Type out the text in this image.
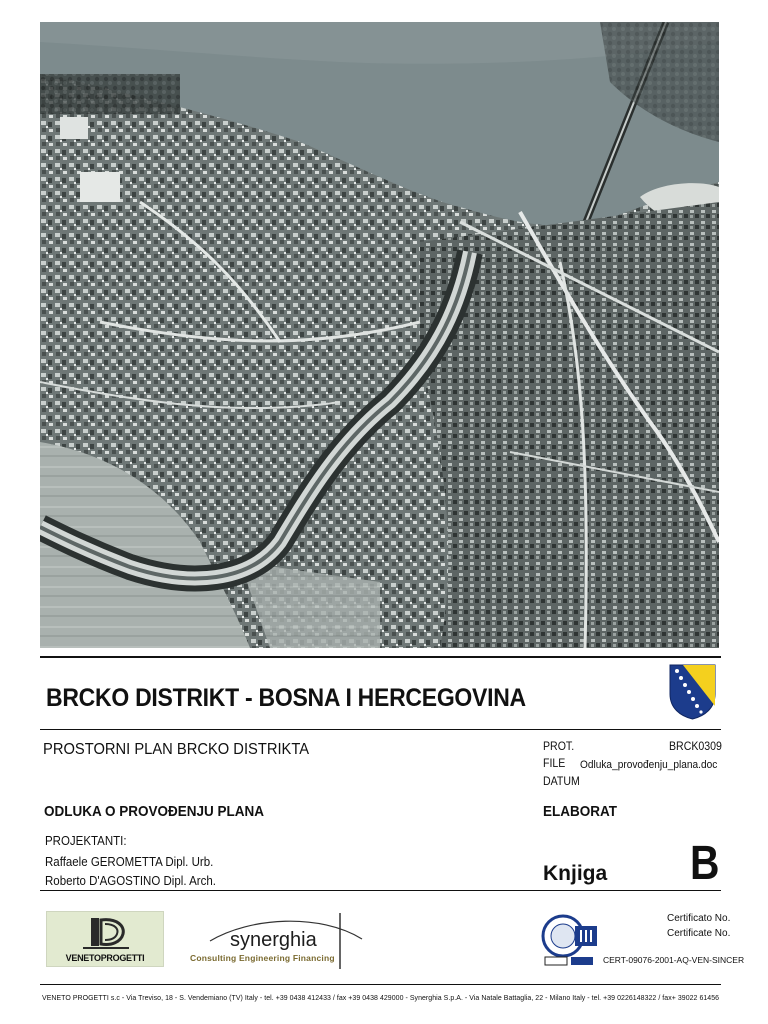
BRCKO DISTRIKT - BOSNA I HERCEGOVINA
PROSTORNI PLAN BRCKO DISTRIKTA
ODLUKA O PROVOĐENJU PLANA
PROJEKTANTI:
Raffaele GEROMETTA Dipl. Urb.
Roberto D'AGOSTINO Dipl. Arch.
PROT.	BRCK0309
FILE Odluka_provođenju_plana.doc
DATUM
ELABORAT
Knjiga B
VENETOPROGETTI
synerghia
Consulting Engineering Financing
Certificato No.
Certificate No.
CERT-09076-2001-AQ-VEN-SINCER
VENETO PROGETTI s.c - Via Treviso, 18 - S. Vendemiano (TV) Italy - tel. +39 0438 412433 / fax +39 0438 429000 - Synerghia S.p.A. - Via Natale Battaglia, 22 - Milano Italy - tel. +39 0226148322 / fax+ 39022 61456
